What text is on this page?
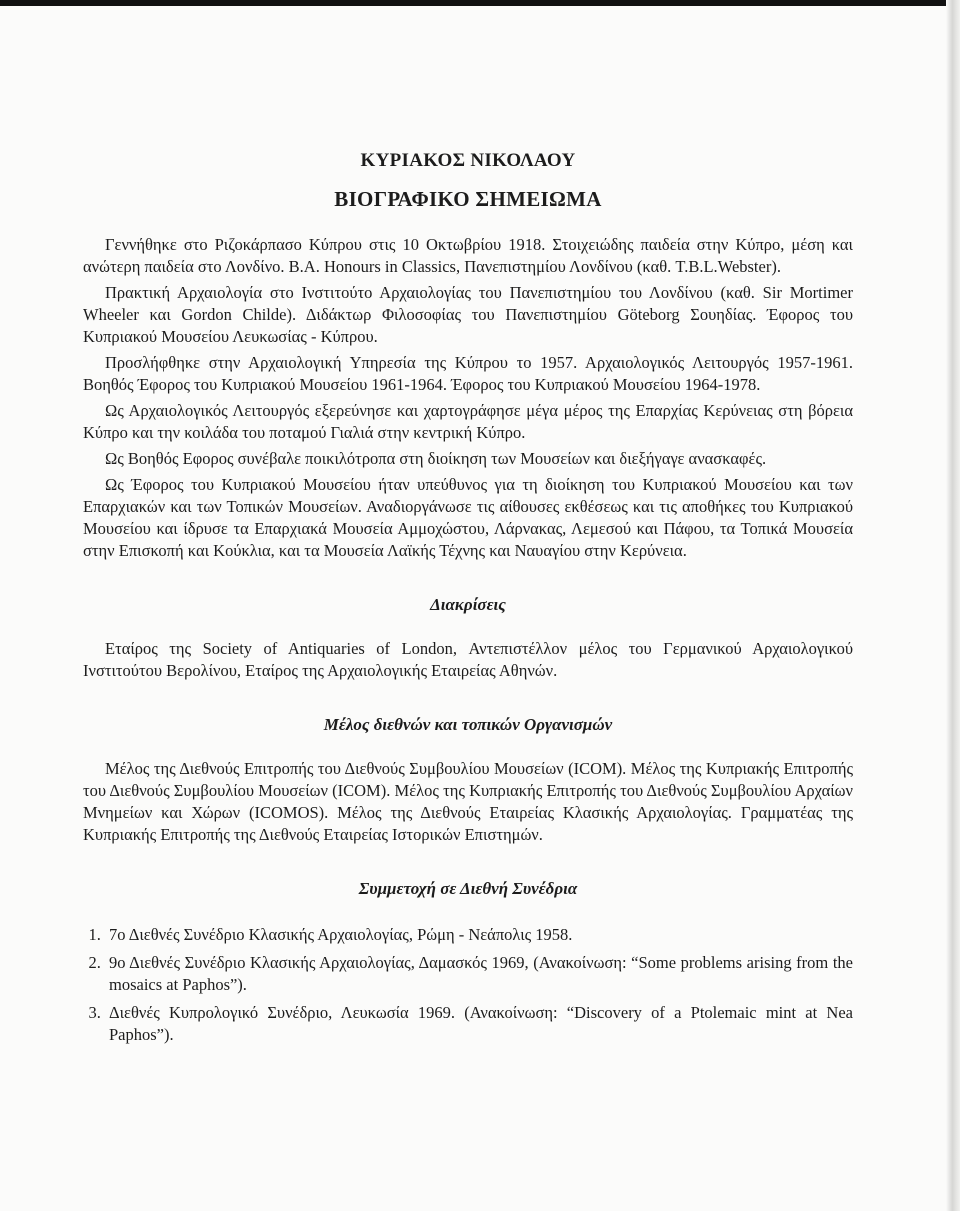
ΚΥΡΙΑΚΟΣ ΝΙΚΟΛΑΟΥ
ΒΙΟΓΡΑΦΙΚΟ ΣΗΜΕΙΩΜΑ

Γεννήθηκε στο Ριζοκάρπασο Κύπρου στις 10 Οκτωβρίου 1918. Στοιχειώδης παιδεία στην Κύπρο, μέση και ανώτερη παιδεία στο Λονδίνο. B.A. Honours in Classics, Πανεπιστημίου Λονδίνου (καθ. T.B.L.Webster).

Πρακτική Αρχαιολογία στο Ινστιτούτο Αρχαιολογίας του Πανεπιστημίου του Λονδίνου (καθ. Sir Mortimer Wheeler και Gordon Childe). Διδάκτωρ Φιλοσοφίας του Πανεπιστημίου Göteborg Σουηδίας. Έφορος του Κυπριακού Μουσείου Λευκωσίας - Κύπρου.

Προσλήφθηκε στην Αρχαιολογική Υπηρεσία της Κύπρου το 1957. Αρχαιολογικός Λειτουργός 1957-1961. Βοηθός Έφορος του Κυπριακού Μουσείου 1961-1964. Έφορος του Κυπριακού Μουσείου 1964-1978.

Ως Αρχαιολογικός Λειτουργός εξερεύνησε και χαρτογράφησε μέγα μέρος της Επαρχίας Κερύνειας στη βόρεια Κύπρο και την κοιλάδα του ποταμού Γιαλιά στην κεντρική Κύπρο.

Ως Βοηθός Εφορος συνέβαλε ποικιλότροπα στη διοίκηση των Μουσείων και διεξήγαγε ανασκαφές.

Ως Έφορος του Κυπριακού Μουσείου ήταν υπεύθυνος για τη διοίκηση του Κυπριακού Μουσείου και των Επαρχιακών και των Τοπικών Μουσείων. Αναδιοργάνωσε τις αίθουσες εκθέσεως και τις αποθήκες του Κυπριακού Μουσείου και ίδρυσε τα Επαρχιακά Μουσεία Αμμοχώστου, Λάρνακας, Λεμεσού και Πάφου, τα Τοπικά Μουσεία στην Επισκοπή και Κούκλια, και τα Μουσεία Λαϊκής Τέχνης και Ναυαγίου στην Κερύνεια.

Διακρίσεις

Εταίρος της Society of Antiquaries of London, Αντεπιστέλλον μέλος του Γερμανικού Αρχαιολογικού Ινστιτούτου Βερολίνου, Εταίρος της Αρχαιολογικής Εταιρείας Αθηνών.

Μέλος διεθνών και τοπικών Οργανισμών

Μέλος της Διεθνούς Επιτροπής του Διεθνούς Συμβουλίου Μουσείων (ICOM). Μέλος της Κυπριακής Επιτροπής του Διεθνούς Συμβουλίου Μουσείων (ICOM). Μέλος της Κυπριακής Επιτροπής του Διεθνούς Συμβουλίου Αρχαίων Μνημείων και Χώρων (ICOMOS). Μέλος της Διεθνούς Εταιρείας Κλασικής Αρχαιολογίας. Γραμματέας της Κυπριακής Επιτροπής της Διεθνούς Εταιρείας Ιστορικών Επιστημών.

Συμμετοχή σε Διεθνή Συνέδρια
1. 7ο Διεθνές Συνέδριο Κλασικής Αρχαιολογίας, Ρώμη - Νεάπολις 1958.
2. 9ο Διεθνές Συνέδριο Κλασικής Αρχαιολογίας, Δαμασκός 1969, (Ανακοίνωση: “Some problems arising from the mosaics at Paphos”).
3. Διεθνές Κυπρολογικό Συνέδριο, Λευκωσία 1969. (Ανακοίνωση: “Discovery of a Ptolemaic mint at Nea Paphos”).
